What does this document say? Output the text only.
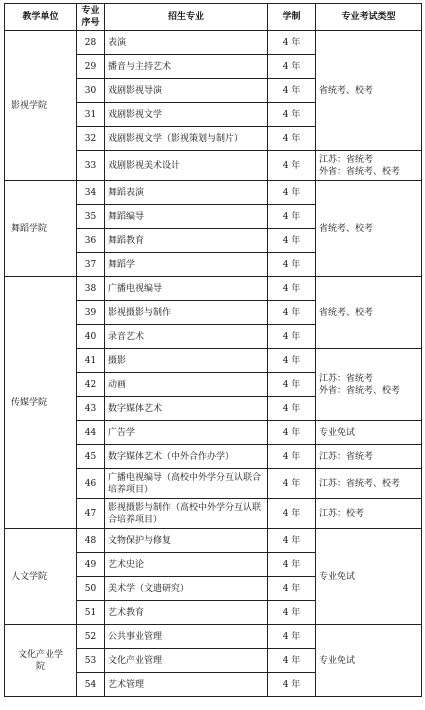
教学单位	专业序号	招生专业	学制	专业考试类型
影视学院	28	表演	4 年	省统考、校考
	29	播音与主持艺术	4 年	
	30	戏剧影视导演	4 年	
	31	戏剧影视文学	4 年	
	32	戏剧影视文学（影视策划与制片）	4 年	
	33	戏剧影视美术设计	4 年	江苏：省统考
外省：省统考、校考

舞蹈学院	34	舞蹈表演	4 年	省统考、校考
	35	舞蹈编导	4 年	
	36	舞蹈教育	4 年	
	37	舞蹈学	4 年	
传媒学院	38	广播电视编导	4 年	省统考、校考
	39	影视摄影与制作	4 年	
	40	录音艺术	4 年	
	41	摄影	4 年	江苏：省统考
外省：省统考、校考

	42	动画	4 年	
	43	数字媒体艺术	4 年	
	44	广告学	4 年	专业免试
	45	数字媒体艺术（中外合作办学）	4 年	江苏：省统考
	46	广播电视编导（高校中外学分互认联合培养项目）	4 年	江苏：省统考、校考
	47	影视摄影与制作（高校中外学分互认联合培养项目）	4 年	江苏：校考
人文学院	48	文物保护与修复	4 年	专业免试
	49	艺术史论	4 年	
	50	美术学（文遗研究）	4 年	
	51	艺术教育	4 年	
文化产业学院	52	公共事业管理	4 年	专业免试
	53	文化产业管理	4 年	
	54	艺术管理	4 年	
